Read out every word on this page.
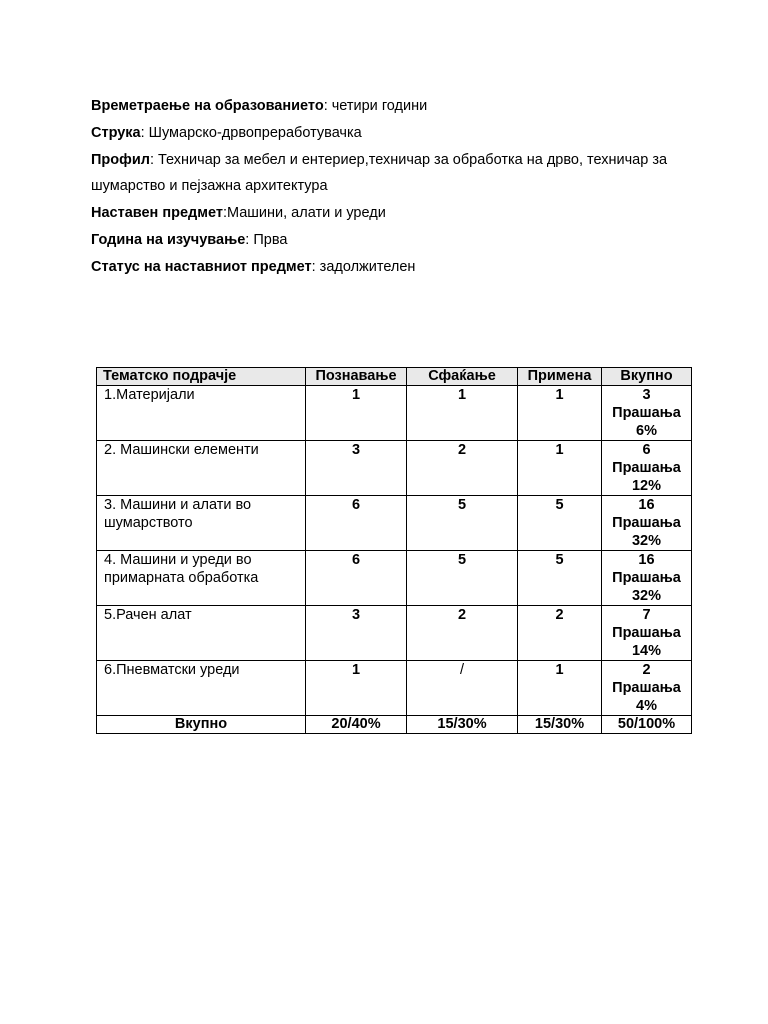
Времетраење на образованието: четири години
Струка: Шумарско-дрвопреработувачка
Профил: Техничар за мебел и ентериер,техничар за обработка на дрво, техничар за шумарство и пејзажна архитектура
Наставен предмет:Машини, алати и уреди
Година на изучување: Прва
Статус на наставниот предмет: задолжителен
Тематско подрачје	Познавање	Сфаќање	Примена	Вкупно
1.Материјали	1	1	1	3
Прашања
6%

2. Машински елементи	3	2	1	6
Прашања
12%

3. Машини и алати во шумарството	6	5	5	16
Прашања
32%

4. Машини и уреди во примарната обработка	6	5	5	16
Прашања
32%

5.Рачен алат	3	2	2	7
Прашања
14%

6.Пневматски уреди	1	/	1	2
Прашања
4%

Вкупно	20/40%	15/30%	15/30%	50/100%
